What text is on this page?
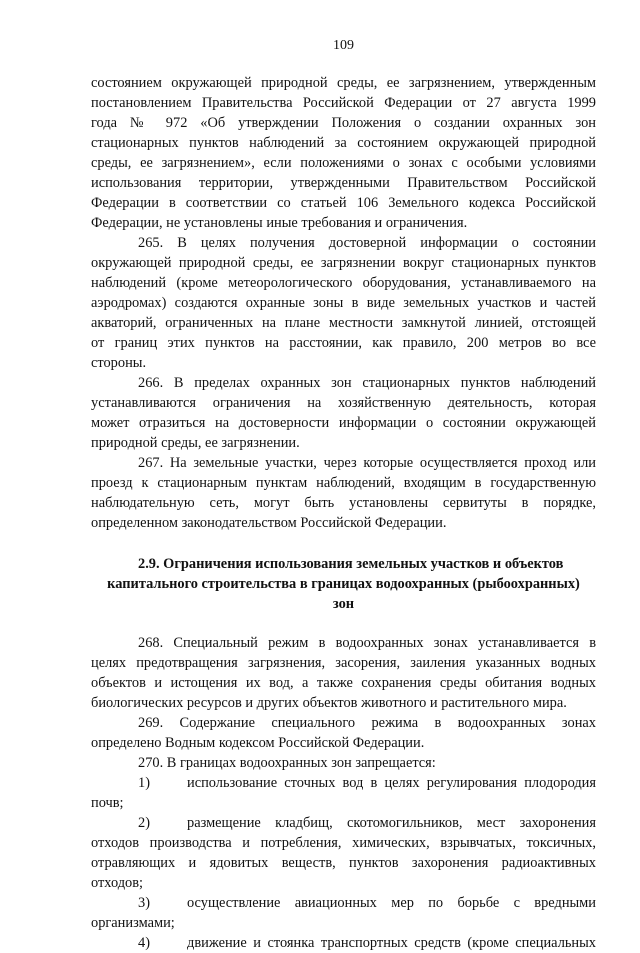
109
состоянием окружающей природной среды, ее загрязнением, утвержденным
постановлением Правительства Российской Федерации от 27 августа 1999
года № 972 «Об утверждении Положения о создании охранных зон
стационарных пунктов наблюдений за состоянием окружающей природной
среды, ее загрязнением», если положениями о зонах с особыми условиями
использования территории, утвержденными Правительством Российской
Федерации в соответствии со статьей 106 Земельного кодекса Российской
Федерации, не установлены иные требования и ограничения.
265. В целях получения достоверной информации о состоянии
окружающей природной среды, ее загрязнении вокруг стационарных пунктов
наблюдений (кроме метеорологического оборудования, устанавливаемого на
аэродромах) создаются охранные зоны в виде земельных участков и частей
акваторий, ограниченных на плане местности замкнутой линией, отстоящей
от границ этих пунктов на расстоянии, как правило, 200 метров во все
стороны.
266. В пределах охранных зон стационарных пунктов наблюдений
устанавливаются ограничения на хозяйственную деятельность, которая
может отразиться на достоверности информации о состоянии окружающей
природной среды, ее загрязнении.
267. На земельные участки, через которые осуществляется проход или
проезд к стационарным пунктам наблюдений, входящим в государственную
наблюдательную сеть, могут быть установлены сервитуты в порядке,
определенном законодательством Российской Федерации.
2.9. Ограничения использования земельных участков и объектов
капитального строительства в границах водоохранных (рыбоохранных)
зон
268. Специальный режим в водоохранных зонах устанавливается в
целях предотвращения загрязнения, засорения, заиления указанных водных
объектов и истощения их вод, а также сохранения среды обитания водных
биологических ресурсов и других объектов животного и растительного мира.
269. Содержание специального режима в водоохранных зонах
определено Водным кодексом Российской Федерации.
270. В границах водоохранных зон запрещается:
1)	использование сточных вод в целях регулирования плодородия
почв;
2)	размещение кладбищ, скотомогильников, мест захоронения
отходов производства и потребления, химических, взрывчатых, токсичных,
отравляющих и ядовитых веществ, пунктов захоронения радиоактивных
отходов;
3)	осуществление авиационных мер по борьбе с вредными
организмами;
4)	движение и стоянка транспортных средств (кроме специальных
